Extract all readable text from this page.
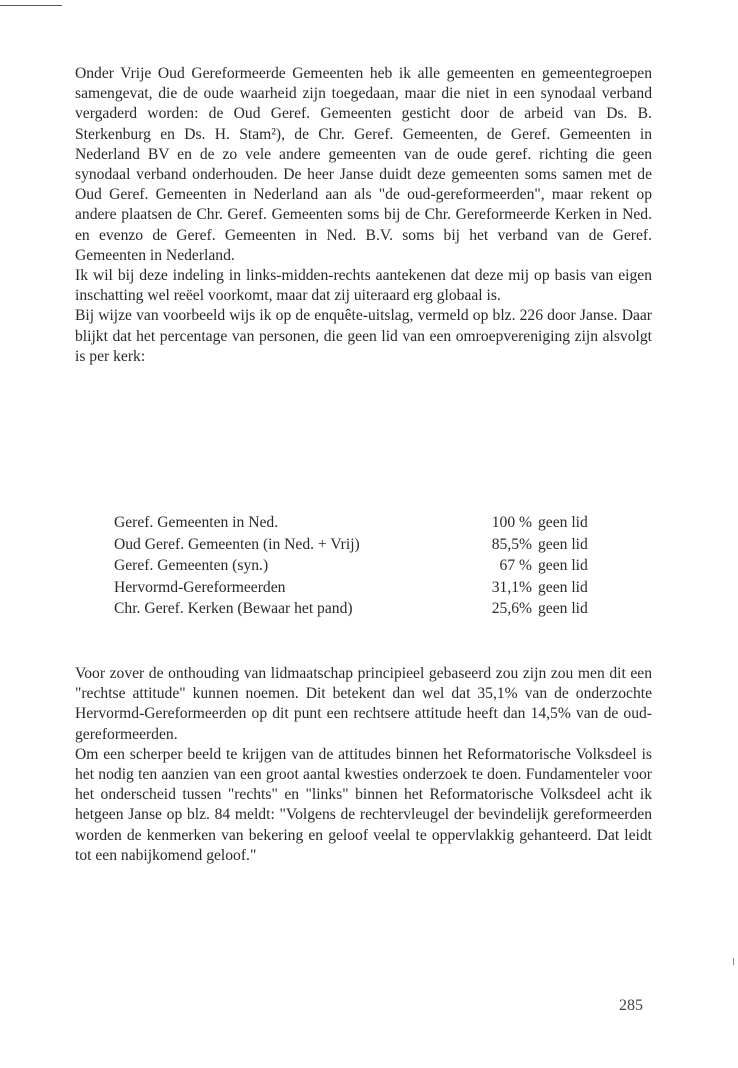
Onder Vrije Oud Gereformeerde Gemeenten heb ik alle gemeenten en gemeentegroepen samengevat, die de oude waarheid zijn toegedaan, maar die niet in een synodaal verband vergaderd worden: de Oud Geref. Gemeenten gesticht door de arbeid van Ds. B. Sterkenburg en Ds. H. Stam²), de Chr. Geref. Gemeenten, de Geref. Gemeenten in Nederland BV en de zo vele andere gemeenten van de oude geref. richting die geen synodaal verband onderhouden. De heer Janse duidt deze gemeenten soms samen met de Oud Geref. Gemeenten in Nederland aan als "de oud-gereformeerden", maar rekent op andere plaatsen de Chr. Geref. Gemeenten soms bij de Chr. Gereformeerde Kerken in Ned. en evenzo de Geref. Gemeenten in Ned. B.V. soms bij het verband van de Geref. Gemeenten in Nederland.

Ik wil bij deze indeling in links-midden-rechts aantekenen dat deze mij op basis van eigen inschatting wel reëel voorkomt, maar dat zij uiteraard erg globaal is.

Bij wijze van voorbeeld wijs ik op de enquête-uitslag, vermeld op blz. 226 door Janse. Daar blijkt dat het percentage van personen, die geen lid van een omroepvereniging zijn alsvolgt is per kerk:

Geref. Gemeenten in Ned.	100 %	geen lid
Oud Geref. Gemeenten (in Ned. + Vrij)	85,5%	geen lid
Geref. Gemeenten (syn.)	67 %	geen lid
Hervormd-Gereformeerden	31,1%	geen lid
Chr. Geref. Kerken (Bewaar het pand)	25,6%	geen lid

Voor zover de onthouding van lidmaatschap principieel gebaseerd zou zijn zou men dit een "rechtse attitude" kunnen noemen. Dit betekent dan wel dat 35,1% van de onderzochte Hervormd-Gereformeerden op dit punt een rechtsere attitude heeft dan 14,5% van de oud-gereformeerden.

Om een scherper beeld te krijgen van de attitudes binnen het Reformatorische Volksdeel is het nodig ten aanzien van een groot aantal kwesties onderzoek te doen. Fundamenteler voor het onderscheid tussen "rechts" en "links" binnen het Reformatorische Volksdeel acht ik hetgeen Janse op blz. 84 meldt: "Volgens de rechtervleugel der bevindelijk gereformeerden worden de kenmerken van bekering en geloof veelal te oppervlakkig gehanteerd. Dat leidt tot een nabijkomend geloof."

285
